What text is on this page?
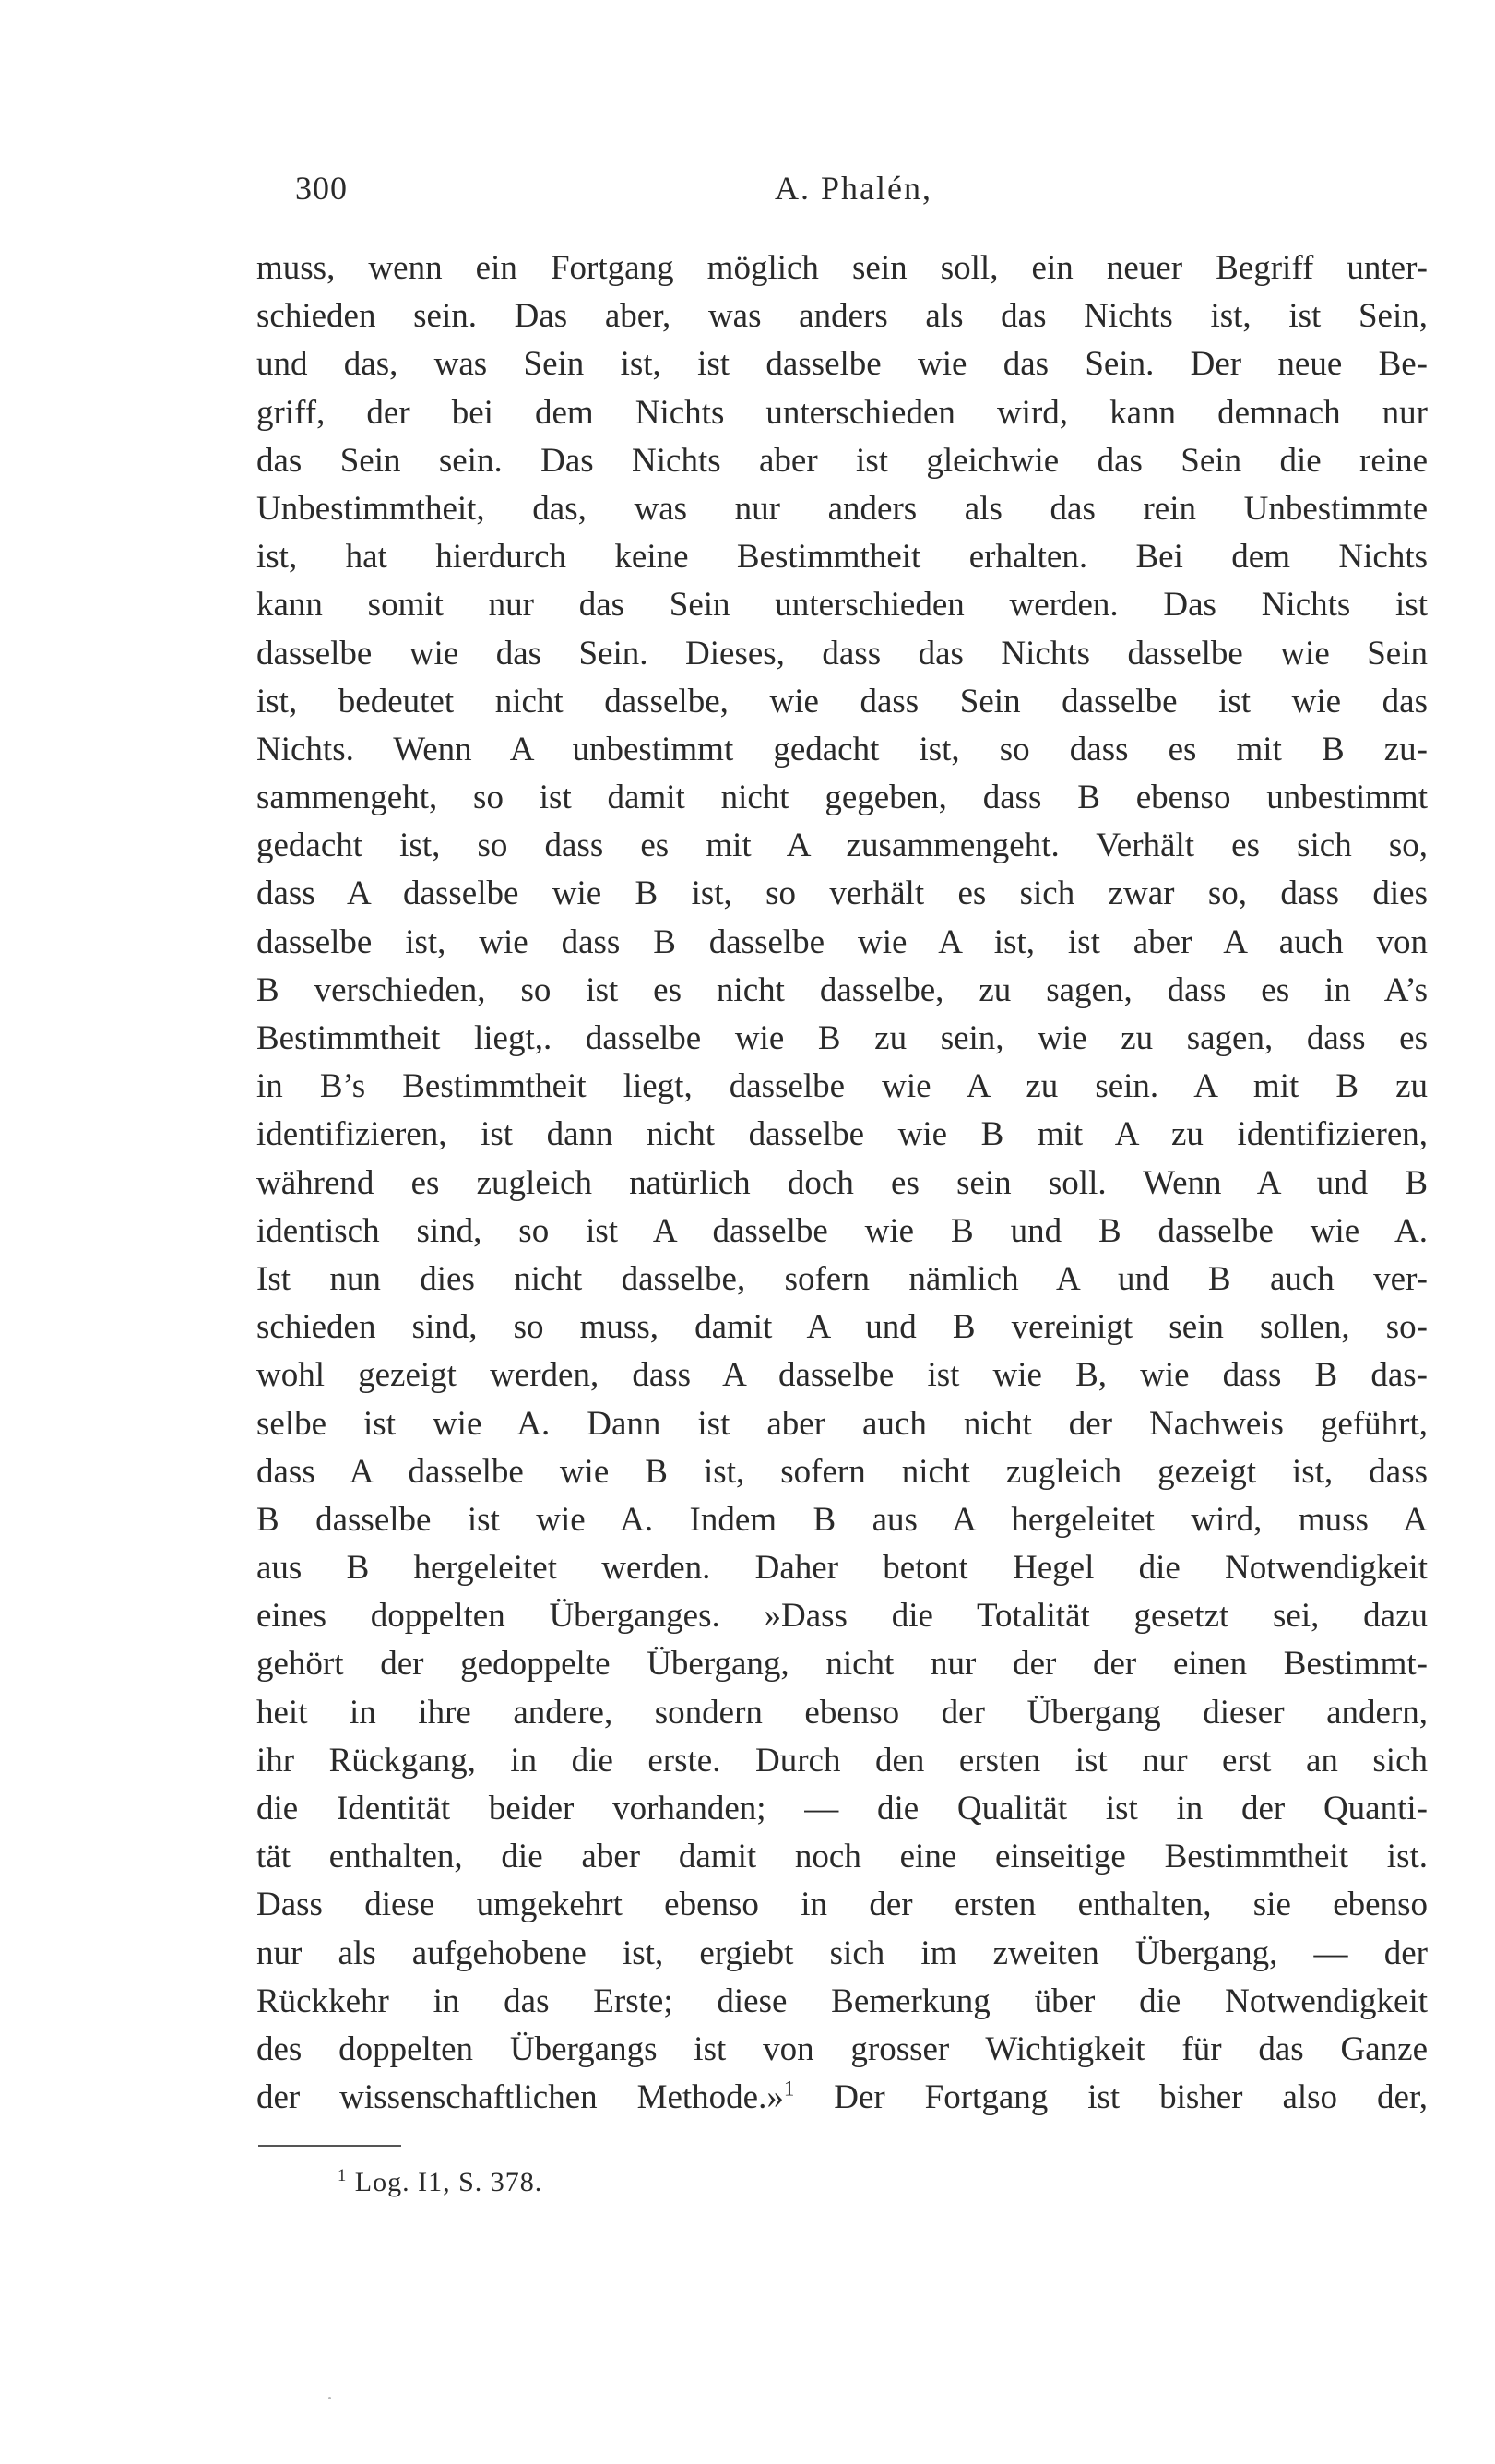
300	A. Phalén,
muss, wenn ein Fortgang möglich sein soll, ein neuer Begriff unter-
schieden sein. Das aber, was anders als das Nichts ist, ist Sein,
und das, was Sein ist, ist dasselbe wie das Sein. Der neue Be-
griff, der bei dem Nichts unterschieden wird, kann demnach nur
das Sein sein. Das Nichts aber ist gleichwie das Sein die reine
Unbestimmtheit, das, was nur anders als das rein Unbestimmte
ist, hat hierdurch keine Bestimmtheit erhalten. Bei dem Nichts
kann somit nur das Sein unterschieden werden. Das Nichts ist
dasselbe wie das Sein. Dieses, dass das Nichts dasselbe wie Sein
ist, bedeutet nicht dasselbe, wie dass Sein dasselbe ist wie das
Nichts. Wenn A unbestimmt gedacht ist, so dass es mit B zu-
sammengeht, so ist damit nicht gegeben, dass B ebenso unbestimmt
gedacht ist, so dass es mit A zusammengeht. Verhält es sich so,
dass A dasselbe wie B ist, so verhält es sich zwar so, dass dies
dasselbe ist, wie dass B dasselbe wie A ist, ist aber A auch von
B verschieden, so ist es nicht dasselbe, zu sagen, dass es in A’s
Bestimmtheit liegt,. dasselbe wie B zu sein, wie zu sagen, dass es
in B’s Bestimmtheit liegt, dasselbe wie A zu sein. A mit B zu
identifizieren, ist dann nicht dasselbe wie B mit A zu identifizieren,
während es zugleich natürlich doch es sein soll. Wenn A und B
identisch sind, so ist A dasselbe wie B und B dasselbe wie A.
Ist nun dies nicht dasselbe, sofern nämlich A und B auch ver-
schieden sind, so muss, damit A und B vereinigt sein sollen, so-
wohl gezeigt werden, dass A dasselbe ist wie B, wie dass B das-
selbe ist wie A. Dann ist aber auch nicht der Nachweis geführt,
dass A dasselbe wie B ist, sofern nicht zugleich gezeigt ist, dass
B dasselbe ist wie A. Indem B aus A hergeleitet wird, muss A
aus B hergeleitet werden. Daher betont Hegel die Notwendigkeit
eines doppelten Überganges. »Dass die Totalität gesetzt sei, dazu
gehört der gedoppelte Übergang, nicht nur der der einen Bestimmt-
heit in ihre andere, sondern ebenso der Übergang dieser andern,
ihr Rückgang, in die erste. Durch den ersten ist nur erst an sich
die Identität beider vorhanden; — die Qualität ist in der Quanti-
tät enthalten, die aber damit noch eine einseitige Bestimmtheit ist.
Dass diese umgekehrt ebenso in der ersten enthalten, sie ebenso
nur als aufgehobene ist, ergiebt sich im zweiten Übergang, — der
Rückkehr in das Erste; diese Bemerkung über die Notwendigkeit
des doppelten Übergangs ist von grosser Wichtigkeit für das Ganze
der wissenschaftlichen Methode.»$^1$ Der Fortgang ist bisher also der,
$^1$ Log. I1, S. 378.
